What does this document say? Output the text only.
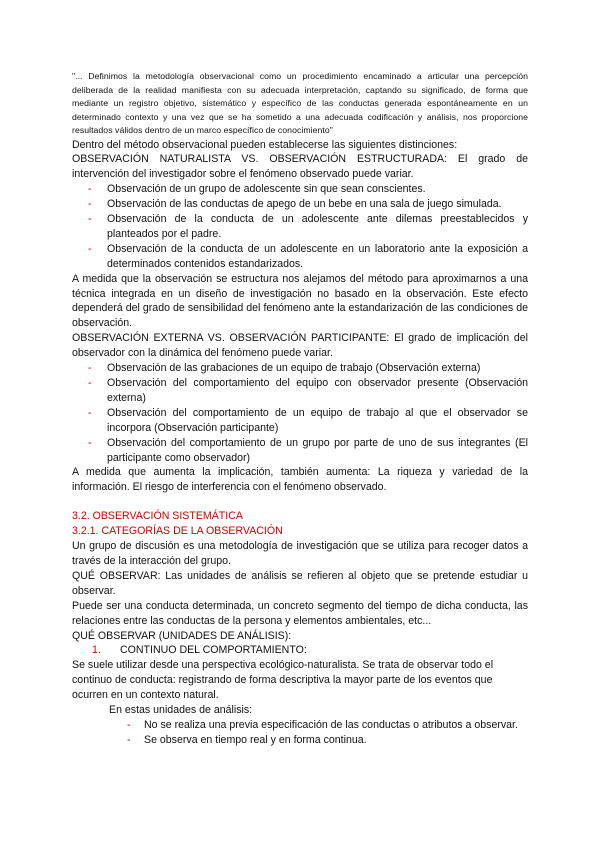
"... Definimos la metodología observacional como un procedimiento encaminado a articular una percepción deliberada de la realidad manifiesta con su adecuada interpretación, captando su significado, de forma que mediante un registro objetivo, sistemático y específico de las conductas generada espontáneamente en un determinado contexto y una vez que se ha sometido a una adecuada codificación y análisis, nos proporcione resultados válidos dentro de un marco específico de conocimiento"

Dentro del método observacional pueden establecerse las siguientes distinciones:

OBSERVACIÓN NATURALISTA VS. OBSERVACIÓN ESTRUCTURADA: El grado de intervención del investigador sobre el fenómeno observado puede variar.

- Observación de un grupo de adolescente sin que sean conscientes.
- Observación de las conductas de apego de un bebe en una sala de juego simulada.
- Observación de la conducta de un adolescente ante dilemas preestablecidos y planteados por el padre.
- Observación de la conducta de un adolescente en un laboratorio ante la exposición a determinados contenidos estandarizados.

A medida que la observación se estructura nos alejamos del método para aproximarnos a una técnica integrada en un diseño de investigación no basado en la observación. Este efecto dependerá del grado de sensibilidad del fenómeno ante la estandarización de las condiciones de observación.

OBSERVACIÓN EXTERNA VS. OBSERVACIÓN PARTICIPANTE: El grado de implicación del observador con la dinámica del fenómeno puede variar.

- Observación de las grabaciones de un equipo de trabajo (Observación externa)
- Observación del comportamiento del equipo con observador presente (Observación externa)
- Observación del comportamiento de un equipo de trabajo al que el observador se incorpora (Observación participante)
- Observación del comportamiento de un grupo por parte de uno de sus integrantes (El participante como observador)

A medida que aumenta la implicación, también aumenta: La riqueza y variedad de la información. El riesgo de interferencia con el fenómeno observado.

3.2. OBSERVACIÓN SISTEMÁTICA

3.2.1. CATEGORÍAS DE LA OBSERVACIÓN

Un grupo de discusión es una metodología de investigación que se utiliza para recoger datos a través de la interacción del grupo.

QUÉ OBSERVAR: Las unidades de análisis se refieren al objeto que se pretende estudiar u observar.

Puede ser una conducta determinada, un concreto segmento del tiempo de dicha conducta, las relaciones entre las conductas de la persona y elementos ambientales, etc...

QUÉ OBSERVAR (UNIDADES DE ANÁLISIS):

1. CONTINUO DEL COMPORTAMIENTO:

Se suele utilizar desde una perspectiva ecológico-naturalista. Se trata de observar todo el continuo de conducta: registrando de forma descriptiva la mayor parte de los eventos que ocurren en un contexto natural.

En estas unidades de análisis:

- No se realiza una previa especificación de las conductas o atributos a observar.
- Se observa en tiempo real y en forma continua.
